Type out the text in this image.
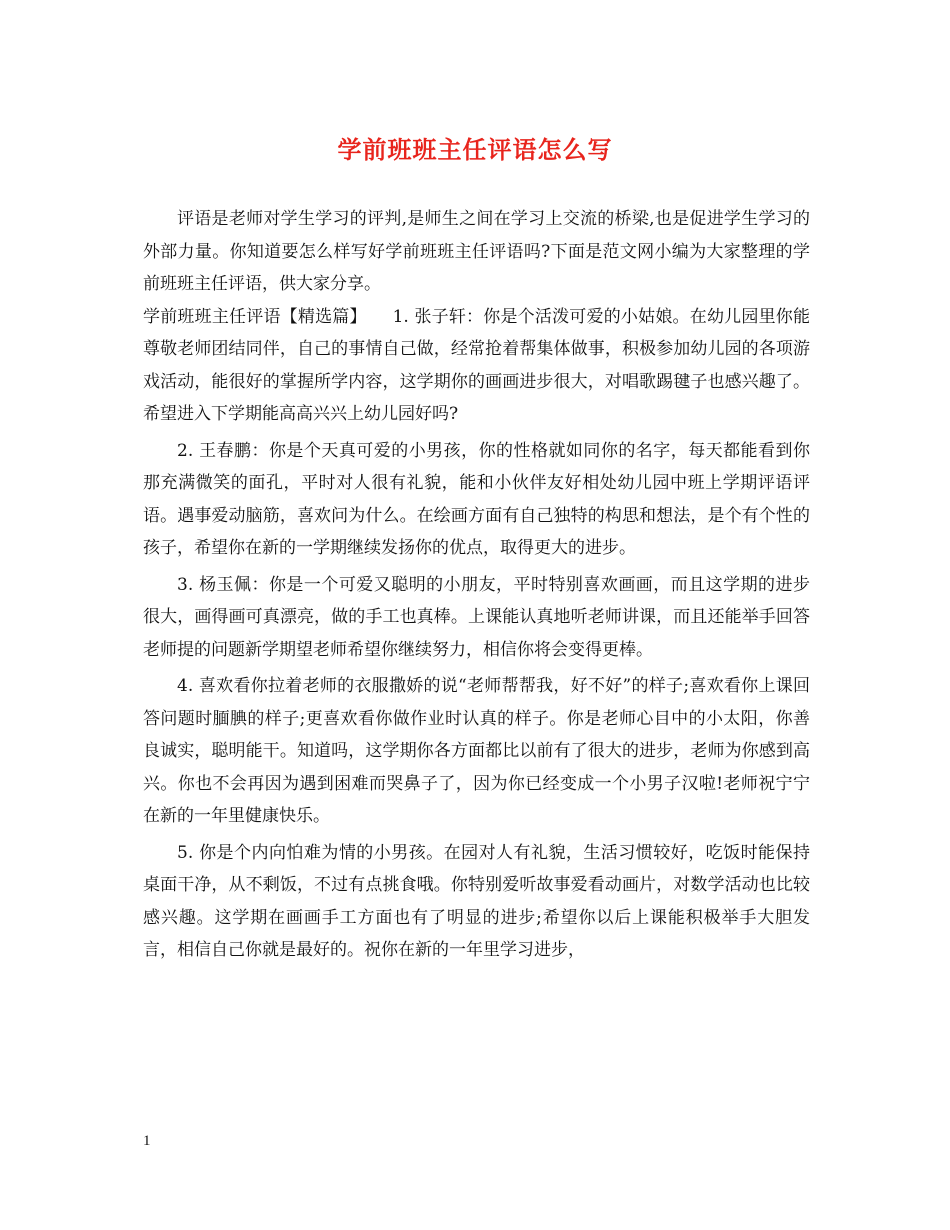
学前班班主任评语怎么写

评语是老师对学生学习的评判,是师生之间在学习上交流的桥梁,也是促进学生学习的外部力量。你知道要怎么样写好学前班班主任评语吗?下面是范文网小编为大家整理的学前班班主任评语，供大家分享。

学前班班主任评语【精选篇】　　1. 张子轩：你是个活泼可爱的小姑娘。在幼儿园里你能尊敬老师团结同伴，自己的事情自己做，经常抢着帮集体做事，积极参加幼儿园的各项游戏活动，能很好的掌握所学内容，这学期你的画画进步很大，对唱歌踢毽子也感兴趣了。希望进入下学期能高高兴兴上幼儿园好吗?

2. 王春鹏：你是个天真可爱的小男孩，你的性格就如同你的名字，每天都能看到你那充满微笑的面孔，平时对人很有礼貌，能和小伙伴友好相处幼儿园中班上学期评语评语。遇事爱动脑筋，喜欢问为什么。在绘画方面有自己独特的构思和想法，是个有个性的孩子，希望你在新的一学期继续发扬你的优点，取得更大的进步。

3. 杨玉佩：你是一个可爱又聪明的小朋友，平时特别喜欢画画，而且这学期的进步很大，画得画可真漂亮，做的手工也真棒。上课能认真地听老师讲课，而且还能举手回答老师提的问题新学期望老师希望你继续努力，相信你将会变得更棒。

4. 喜欢看你拉着老师的衣服撒娇的说“老师帮帮我，好不好”的样子;喜欢看你上课回答问题时腼腆的样子;更喜欢看你做作业时认真的样子。你是老师心目中的小太阳，你善良诚实，聪明能干。知道吗，这学期你各方面都比以前有了很大的进步，老师为你感到高兴。你也不会再因为遇到困难而哭鼻子了，因为你已经变成一个小男子汉啦!老师祝宁宁在新的一年里健康快乐。

5. 你是个内向怕难为情的小男孩。在园对人有礼貌，生活习惯较好，吃饭时能保持桌面干净，从不剩饭，不过有点挑食哦。你特别爱听故事爱看动画片，对数学活动也比较感兴趣。这学期在画画手工方面也有了明显的进步;希望你以后上课能积极举手大胆发言，相信自己你就是最好的。祝你在新的一年里学习进步，

1
